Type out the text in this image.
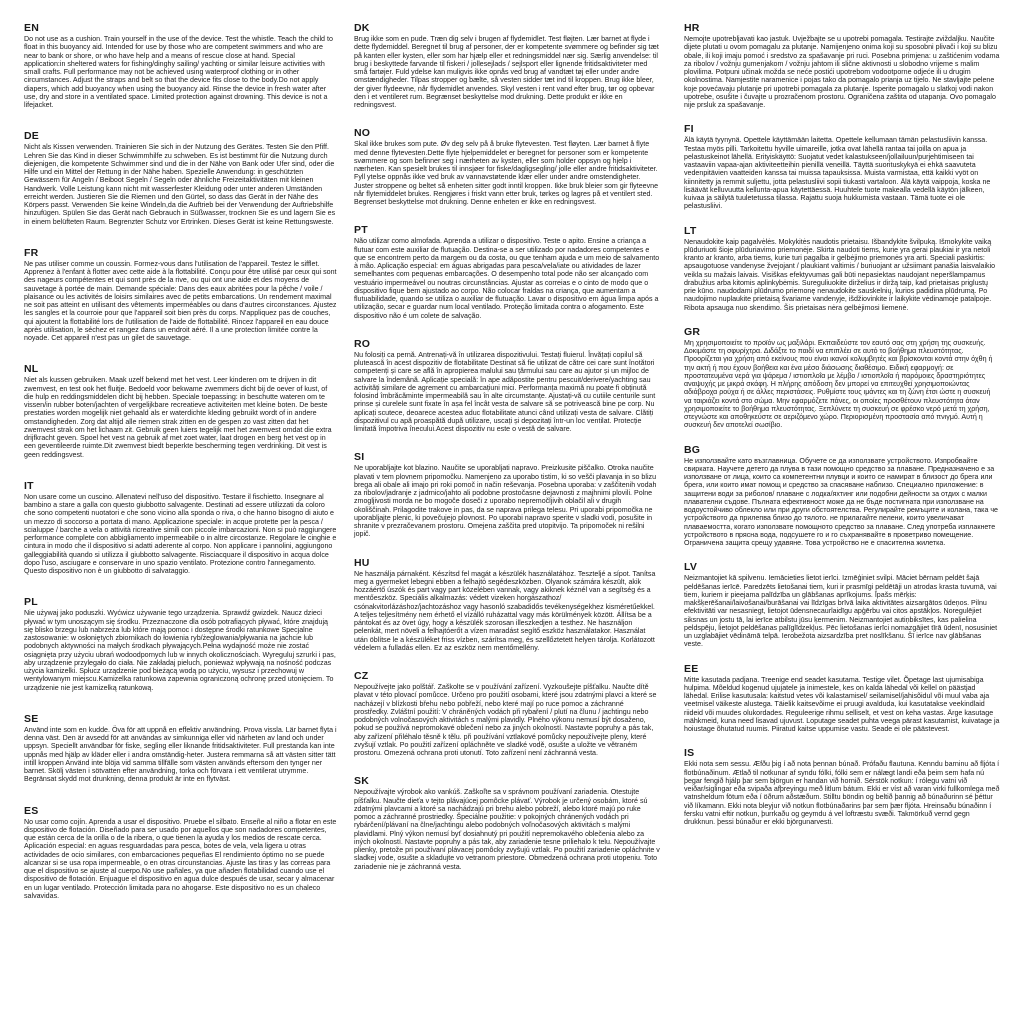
EN

Do not use as a cushion. Train yourself in the use of the device. Test the whistle. Teach the child to float in this buoyancy aid. Intended for use by those who are competent swimmers and who are near to bank or shore, or who have help and a means of rescue close at hand. Special application:in sheltered waters for fishing/dinghy sailing/ yachting or similar leisure activities with small crafts. Full performance may not be achieved using waterproof clothing or in other circumstances. Adjust the straps and belt so that the device fits close to the body.Do not apply diapers, which add buoyancy when using the buoyancy aid. Rinse the device in fresh water after use, dry and store in a ventilated space. Limited protection against drowning. This device is not a lifejacket.

DE

Nicht als Kissen verwenden. Trainieren Sie sich in der Nutzung des Gerätes. Testen Sie den Pfiff. Lehren Sie das Kind in dieser Schwimmhilfe zu schweben. Es ist bestimmt für die Nutzung durch diejenigen, die kompetente Schwimmer sind und die in der Nähe von Bank oder Ufer sind, oder die Hilfe und ein Mittel der Rettung in der Nähe haben. Spezielle Anwendung: in geschützten Gewässern für Angeln / Beiboot Segeln / Segeln oder ähnliche Freizeitaktivitäten mit kleinen Handwerk. Volle Leistung kann nicht mit wasserfester Kleidung oder unter anderen Umständen erreicht werden. Justieren Sie die Riemen und den Gürtel, so dass das Gerät in der Nähe des Körpers passt. Verwenden Sie keine Windeln,da die Auftrieb bei der Verwendung der Auftriebshilfe hinzufügen. Spülen Sie das Gerät nach Gebrauch in Süßwasser, trocknen Sie es und lagern Sie es in einem belüfteten Raum. Begrenzter Schutz vor Ertrinken. Dieses Gerät ist keine Rettungsweste.

FR

Ne pas utiliser comme un coussin. Formez-vous dans l'utilisation de l'appareil. Testez le sifflet. Apprenez à l'enfant à flotter avec cette aide à la flottabilité. Conçu pour être utilisé par ceux qui sont des nageurs compétentes et qui sont près de la rive, ou qui ont une aide et des moyens de sauvetage à portée de main. Demande spéciale: Dans des eaux abritées pour la pêche / voile / plaisance ou les activités de loisirs similaires avec de petits embarcations. Un rendement maximal ne soit pas atteint en utilisant des vêtements imperméables ou dans d'autres circonstances. Ajustez les sangles et la courroie pour que l'appareil soit bien près du corps. N'appliquez pas de couches, qui ajoutent la flottabilité lors de l'utilisation de l'aide de flottabilité. Rincez l'appareil en eau douce après utilisation, le séchez et rangez dans un endroit aéré. Il a une protection limitée contre la noyade. Cet appareil n'est pas un gilet de sauvetage.

NL

Niet als kussen gebruiken. Maak uzelf bekend met het vest. Leer kinderen om te drijven in dit zwemvest, en test ook het fluitje. Bedoeld voor bekwame zwemmers dicht bij de oever of kust, of die hulp en reddingsmiddelen dicht bij hebben. Speciale toepassing: in beschutte wateren om te vissen/in rubber boten/jachten of vergelijkbare recreatieve activiteiten met kleine boten. De beste prestaties worden mogelijk niet gehaald als er waterdichte kleding gebruikt wordt of in andere omstandigheden. Zorg dat altijd alle riemen strak zitten en de gespen zo vast zitten dat het zwemvest strak om het lichaam zit. Gebruik geen luiers tegelijk met het zwemvest omdat die extra drijfkracht geven. Spoel het vest na gebruik af met zoet water, laat drogen en berg het vest op in een geventileerde ruimte.Dit zwemvest biedt beperkte bescherming tegen verdrinking. Dit vest is geen reddingsvest.

IT

Non usare come un cuscino. Allenatevi nell'uso del dispositivo. Testare il fischietto. Insegnare al bambino a stare a galla con questo giubbotto salvagente. Destinati ad essere utilizzati da coloro che sono competenti nuotatori e che sono vicino alla sponda o riva, o che hanno bisogno di aiuto e un mezzo di soccorso a portata di mano. Applicazione speciale: in acque protette per la pesca / scialuppe / barche a vela o attività ricreative simili con piccole imbarcazioni. Non si può raggiungere performance complete con abbigliamento impermeabile o in altre circostanze. Regolare le cinghie e cintura in modo che il dispositivo si adatti aderente al corpo. Non applicare i pannolini, aggiungono galleggiabilità quando si utilizza il giubbotto salvagente. Risciacquare il dispositivo in acqua dolce dopo l'uso, asciugare e conservare in uno spazio ventilato. Protezione contro l'annegamento. Questo dispositivo non è un giubbotto di salvataggio.

PL

Nie używaj jako poduszki. Wyćwicz używanie tego urządzenia. Sprawdź gwizdek. Naucz dzieci pływać w tym unoszącym się środku. Przeznaczone dla osób potrafiących pływać, które znajdują się blisko brzegu lub nabrzeża lub które mają pomoc i dostępne środki ratunkowe Specjalne zastosowanie: w osłoniętych zbiornikach do łowienia ryb/żeglowania/pływania na jachcie lub podobnych aktywności na małych środkach pływających.Pełna wydajność może nie zostać osiągnięta przy użyciu ubrań wodoodpornych lub w innych okolicznościach. Wyreguluj szrurki i pas, aby urządzenie przylegało do ciała. Nie zakładaj pieluch, ponieważ wpływają na nośność podczas użycia kamizelki. Spłucz urządzenie pod bieżącą wodą po użyciu, wysusz i przechowuj w wentylowanym miejscu.Kamizelka ratunkowa zapewnia ograniczoną ochronę przed utonięciem. To urządzenie nie jest kamizelką ratunkową.

SE

Använd inte som en kudde. Öva för att uppnå en effektiv användning. Prova vissla. Lär barnet flyta i denna väst. Den är avsedd för att användas av simkunniga eller vid närheten av land och under uppsyn. Speciellt användbar för fiske, segling eller liknande fritidsaktiviteter. Full prestanda kan inte uppnås med hjälp av kläder eller i andra omständig-heter. Justera remmarna så att västen sitter tätt intill kroppen Använd inte blöja vid samma tillfälle som västen används eftersom den tynger ner barnet. Skölj västen i sötvatten efter användning, torka och förvara i ett ventilerat utrymme. Begränsat skydd mot drunkning, denna produkt är inte en flytväst.

ES

No usar como cojín. Aprenda a usar el dispositivo. Pruebe el silbato. Enseñe al niño a flotar en este dispositivo de flotación. Diseñado para ser usado por aquellos que son nadadores competentes, que están cerca de la orilla o de la ribera, o que tienen la ayuda y los medios de rescate cerca. Aplicación especial: en aguas resguardadas para pesca, botes de vela, vela ligera u otras actividades de ocio similares, con embarcaciones pequeñas El rendimiento óptimo no se puede alcanzar si se usa ropa impermeable, o en otras circunstancias. Ajuste las tiras y las correas para que el dispositivo se ajuste al cuerpo.No use pañales, ya que añaden flotabilidad cuando use el dispositivo de flotación. Enjuague el dispositivo en agua dulce después de usar, secar y almacenar en un lugar ventilado. Protección limitada para no ahogarse. Este dispositivo no es un chaleco salvavidas.

DK

Brug ikke som en pude. Træn dig selv i brugen af flydemidlet. Test fløjten. Lær barnet at flyde i dette flydemiddel. Beregnet til brug af personer, der er kompetente svømmere og befinder sig tæt på kanten eller kysten, eller som har hjælp eller et redningsmiddel nær sig. Særlig anvendelse: til brug i beskyttede farvande til fiskeri / jollesejlads / sejlsport eller lignende fritidsaktiviteter med små fartøjer. Fuld ydelse kan muligvis ikke opnås ved brug af vandtæt tøj eller under andre omstændigheder. Tilpas stropper og bælte, så vesten sidder tæt ind til kroppen. Brug ikke bleer, der giver flydeevne, når flydemidlet anvendes. Skyl vesten i rent vand efter brug, tør og opbevar den i et ventileret rum. Begrænset beskyttelse mod drukning. Dette produkt er ikke en redningsvest.

NO

Skal ikke brukes som pute. Øv deg selv på å bruke flytevesten. Test fløyten. Lær barnet å flyte med denne flytevesten.Dette flyte hjelpemiddelet er beregnet for personer som er kompetente svømmere og som befinner seg i nærheten av kysten, eller som holder oppsyn og hjelp i nærheten. Kan spesielt brukes til innsjøer for fiske/dagligsegling/ jolle eller andre fritidsaktiviteter. Fyll ytelse oppnås ikke ved bruk av vannavstøtende klær eller under andre omstendigheter. Juster stroppene og beltet så enheten sitter godt inntil kroppen. Ikke bruk bleier som gir flyteevne når flytemiddelet brukes. Rengjøres i friskt vann etter bruk, tørkes og lagres på et ventilert sted. Begrenset beskyttelse mot drukning. Denne enheten er ikke en redningsvest.

PT

Não utilizar como almofada. Aprenda a utilizar o dispositivo. Teste o apito. Ensine a criança a flutuar com este auxiliar de flutuação. Destina-se a ser utilizado por nadadores competentes e que se encontrem perto da margem ou da costa, ou que tenham ajuda e um meio de salvamento à mão. Aplicação especial: em águas abrigadas para pesca/vela/iate ou atividades de lazer semelhantes com pequenas embarcações. O desempenho total pode não ser alcançado com vestuário impermeável ou noutras circunstâncias. Ajustar as correias e o cinto de modo que o dispositivo fique bem ajustado ao corpo. Não colocar fraldas na criança, que aumentam a flutuabilidade, quando se utiliza o auxiliar de flutuação. Lavar o dispositivo em água limpa após a utilização, secar e guardar num local ventilado. Proteção limitada contra o afogamento. Este dispositivo não é um colete de salvação.

RO

Nu folosiți ca pernă. Antrenați-vă în utilizarea dispozitivului. Testați fluierul. Învățați copilul să plutească în acest dispozitiv de flotabilitate Destinat să fie utilizat de către cei care sunt înotători competenți și care se află în apropierea malului sau țărmului sau care au ajutor și un mijloc de salvare la îndemână. Aplicație specială: în ape adăpostite pentru pescuit/derivere/yachting sau activități similare de agrement cu ambarcațiuni mici. Performanța maximă nu poate fi obținută folosind îmbrăcăminte impermeabilă sau în alte circumstanțe. Ajustați-vă cu cutiile centurile sunt prinse și curelele sunt fixate în așa fel încât vesta de salvare să se potrivească bine pe corp. Nu aplicați scutece, deoarece acestea aduc flotabilitate atunci când utilizați vesta de salvare. Clătiți dispozitivul cu apă proaspătă după utilizare, uscați și depozitați într-un loc ventilat. Protecție limitată împotriva înecului.Acest dispozitiv nu este o vestă de salvare.

SI

Ne uporabljajte kot blazino. Naučite se uporabljati napravo. Preizkusite piščalko. Otroka naučite plavati v tem plovnem pripomočku. Namenjeno za uporabo tistim, ki so vešči plavanja in so blizu brega ali obale ali imajo pri roki pomoč in način reševanja. Posebna uporaba: v zaščitenih vodah za ribolov/jadranje z jadrnico/jahto ali podobne prostočasne dejavnosti z majhnimi plovili. Polne zmogljivosti morda ne bo mogoče doseči z uporabo nepremočljivih oblačil ali v drugih okoliščinah. Prilagodite trakove in pas, da se naprava prilega telesu. Pri uporabi pripomočka ne uporabljajte plenic, ki povečujejo plovnost. Po uporabi napravo sperite v sladki vodi, posušite in shranite v prezračevanem prostoru. Omejena zaščita pred utopitvijo. Ta pripomoček ni rešilni jopič.

HU

Ne használja párnaként. Készítsd fel magát a készülék használatához. Teszteljé a sípot. Tanítsa meg a gyermeket lebegni ebben a felhajtó segédeszközben. Olyanok számára készült, akik hozzáértő úszók és part vagy part közelében vannak, vagy akiknek kéznél van a segítség és a mentőeszköz. Speciális alkalmazás: védett vizeken horgászathoz/ csónakvitorlázáshoz/jachtozáshoz vagy hasonló szabadidős tevékenységekhez kisméretűekkel. A teljes teljesítmény nem érhető el vízálló ruházattal vagy más körülmények között. Állítsa be a pántokat és az övet úgy, hogy a készülék szorosan illeszkedjen a testhez. Ne használjon pelenkát, mert növeli a felhajtóerőt a vízen maradást segítő eszköz használatakor. Használat után öblítse le a készüléket friss vízben, szárítsa meg, és szellőztetett helyen tárolja. Korlátozott védelem a fulladás ellen. Ez az eszköz nem mentőmellény.

CZ

Nepoužívejte jako polštář. Zaškolte se v používání zařízení. Vyzkoušejte píšťalku. Naučte dítě plavat v této plovací pomůcce. Určeno pro použití osobami, které jsou zdatnými plavci a které se nacházejí v blízkosti břehu nebo pobřeží, nebo které mají po ruce pomoc a záchranné prostředky. Zvláštní použití: V chráněných vodách při rybaření / plutí na člunu / jachtingu nebo podobných volnočasových aktivitách s malými plavidly. Plného výkonu nemusí být dosaženo, pokud se používá nepromokavé oblečení nebo za jiných okolností. Nastavte popruhy a pás tak, aby zařízení přiléhalo těsně k tělu. při používání vztlakové pomůcky nepoužívejte pleny, které zvyšují vztlak. Po použití zařízení opláchněte ve sladké vodě, osušte a uložte ve větraném prostoru. Omezená ochrana proti utonutí. Toto zařízení není záchranná vesta.

SK

Nepoužívajte výrobok ako vankúš. Zaškoľte sa v správnom používaní zariadenia. Otestujte píšťalku. Naučte dieťa v tejto plávajúcej pomôcke plávať. Výrobok je určený osobám, ktoré sú zdatnými plavcami a ktoré sa nachádzajú pri brehu alebo pobreží, alebo ktoré majú po ruke pomoc a záchranné prostriedky. Špeciálne použitie: v pokojných chránených vodách pri rybárčení/plávaní na člne/jachtingu alebo podobných voľnočasových aktivitách s malými plavidlami. Plný výkon nemusí byť dosiahnutý pri použití nepremokavého oblečenia alebo za iných okolností. Nastavte popruhy a pás tak, aby zariadenie tesne priliehalo k telu. Nepoužívajte plienky, pretože pri používaní plávacej pomôcky zvyšujú vztlak. Po použití zariadenie opláchnite v sladkej vode, osušte a skladujte vo vetranom priestore. Obmedzená ochrana proti utopeniu. Toto zariadenie nie je záchranná vesta.

HR

Nemojte upotrebljavati kao jastuk. Uvježbajte se u upotrebi pomagala. Testirajte zviždaljku. Naučite dijete plutati u ovom pomagalu za plutanje. Namijenjeno onima koji su sposobni plivači i koji su blizu obale, ili koji imaju pomoć i sredstvo za spašavanje pri ruci. Posebna primjena: u zaštićenim vodama za ribolov / vožnju gumenjakom / vožnju jahtom ili slične aktivnosti u slobodno vrijeme s malim plovilima. Potpuni učinak možda se neće postići upotrebom vodootporne odjeće ili u drugim okolnostima. Namjestite naramenice i pojas tako da pomagalo prianja uz tijelo. Ne stavljajte pelene koje povećavaju plutanje pri upotrebi pomagala za plutanje. Isperite pomagalo u slatkoj vodi nakon upotrebe, osušite i čuvajte u prozračenom prostoru. Ograničena zaštita od utapanja. Ovo pomagalo nije prsluk za spašavanje.

FI

Älä käytä tyynynä. Opettele käyttämään laitetta. Opettele kellumaan tämän pelastusliivin kanssa. Testaa myös pilli. Tarkoitettu hyville uimareille, jotka ovat lähellä rantaa tai joilla on apua ja pelastuskeinot lähellä. Erityiskäyttö: Suojatut vedet kalastukseen/jollailuun/purjehtimiseen tai vastaaviin vapaa-ajan aktiviteetteihin pienillä veneillä. Täyttä suorituskykyä ei ehkä saavuteta vedenpitävien vaatteiden kanssa tai muissa tapauksissa. Muista varmistaa, että kaikki vyöt on kiinnitetty ja remmit suljettu, jotta pelastusliivi sopii tiukasti vartaloon. Älä käytä vaippoja, koska ne lisäävät kelluvuutta kellunta-apua käytettäessä. Huuhtele tuote makealla vedellä käytön jälkeen, kuivaa ja säilytä tuuletetussa tilassa. Rajattu suoja hukkumista vastaan. Tämä tuote ei ole pelastusliivi.

LT

Nenaudokite kaip pagalvėlės. Mokykitės naudotis prietaisu. Išbandykite švilpuką. Išmokykite vaiką plūduriuoti šioje plūduriavimo priemonėje. Skirta naudoti tiems, kurie yra gerai plaukiai ir yra netoli kranto ar kranto, arba tiems, kurie turi pagalba ir gelbėjimo priemonės yra arti. Speciali paskirtis: apsaugotuose vandenyse žvejojant / plaukiant valtimis / buriuojant ar užsiimant panašia laisvalaikio veikla su mažais laivais. Visiškas efektyvumas gali būti nepasiektas naudojant neperšlampamus drabužius arba kitomis aplinkybėmis. Sureguliuokite dirželius ir diržą taip, kad prietaisas priglustų prie kūno. naudodami plūdrumo priemonę nenaudokite sauskelnių, kurios padidina plūdrumą. Po naudojimo nuplaukite prietaisą švariame vandenyje, išdžiovinkite ir laikykite vėdinamoje patalpoje. Ribota apsauga nuo skendimo. Šis prietaisas nėra gelbėjimosi liemenė.

GR

Μη χρησιμοποιείτε το προϊόν ως μαξιλάρι. Εκπαιδεύστε τον εαυτό σας στη χρήση της συσκευής. Δοκιμάστε τη σφυρίχτρα. Διδάξτε το παιδί να επιπλέει σε αυτό το βοήθημα πλευστότητας. Προορίζεται για χρήση από εκείνους που είναι ικανοί κολυμβητές και βρίσκονται κοντά στην όχθη ή την ακτή ή που έχουν βοήθεια και ένα μέσο διάσωσης διαθέσιμο. Ειδική εφαρμογή: σε προστατευμένα νερά για ψάρεμα / ιστιοπλοΐα με λέμβο / ιστιοπλοΐα ή παρόμοιες δραστηριότητες αναψυχής με μικρά σκάφη. Η πλήρης απόδοση δεν μπορεί να επιτευχθεί χρησιμοποιώντας αδιάβροχα ρούχα ή σε άλλες περιστάσεις. Ρυθμίστε τους ιμάντες και τη ζώνη έτσι ώστε η συσκευή να ταιριάζει κοντά στο σώμα. Μην εφαρμόζετε πάνες, οι οποίες προσθέτουν πλευστότητα όταν χρησιμοποιείτε το βοήθημα πλευστότητας. Ξεπλύνετε τη συσκευή σε φρέσκο νερό μετά τη χρήση, στεγνώστε και αποθηκεύστε σε αεριζόμενο χώρο. Περιορισμένη προστασία από πνιγμό. Αυτή η συσκευή δεν αποτελεί σωσίβιο.

BG

Не използвайте като възглавница. Обучете се да използвате устройството. Изпробвайте свирката. Научете детето да плува в тази помощно средство за плаване. Предназначено е за използване от лица, които са компетентни плувци и които се намират в близост до брега или брега, или които имат помощ и средство за спасяване наблизо. Специално приложение: в защитени води за риболов/ плаване с лодка/яхтинг или подобни дейности за отдих с малки плавателни съдове. Пълната ефективност може да не бъде постигната при използване на водоустойчиво облекло или при други обстоятелства. Регулирайте ремъците и колана, така че устройството да прилепва близо до тялото. не прилагайте пелени, които увеличават плаваемостта, когато използвате помощното средство за плаване. След употреба изплакнете устройството в прясна вода, подсушете го и го съхранявайте в проветриво помещение. Ограничена защита срещу удавяне. Това устройство не е спасителна жилетка.

LV

Neizmantojiet kā spilvenu. Iemācieties lietot ierīci. Izmēģiniet svilpi. Māciet bērnam peldēt šajā peldēšanas ierīcē. Paredzēts lietošanai tiem, kuri ir prasmīgi peldētāji un atrodas krasta tuvumā, vai tiem, kuriem ir pieejama palīdzība un glābšanas aprīkojums. Īpašs mērķis: makšķerēšanai/laivošanai/burāšanai vai līdzīgas brīvā laika aktivitātes aizsargātos ūdeņos. Pilnu efektivitāti var nesasniegt, lietojot ūdensnecaurlaidīgu apģērbu vai citos apstākļos. Noregulējiet siksnas un jostu tā, lai ierīce atbilstu jūsu ķermenim. Neizmantojiet autiņbiksītes, kas palielina peldspēju, lietojot peldēšanas palīglīdzekļus. Pēc lietošanas ierīci nomazgājiet tīrā ūdenī, nosusiniet un uzglabājiet vēdināmā telpā. Ierobežota aizsardzība pret noslīkšanu. Šī ierīce nav glābšanas veste.

EE

Mitte kasutada padjana. Treenige end seadet kasutama. Testige vilet. Õpetage last ujumisabiga hulpima. Mõeldud kogenud ujujatele ja inimestele, kes on kalda lähedal või kellel on päästjad lähedal. Erilise kasutusala: kaitstud vetes või kalastamisel/ seilamisel/jahisõidul või muul vaba aja veetmisel väikeste alustega. Täielik kaitsevõime ei pruugi avalduda, kui kasutatakse veekindlaid riideid või muudes olukordades. Reguleerige rihmu selliselt, et vest on keha vastas. Ärge kasutage mähkmeid, kuna need lisavad ujuvust. Loputage seadet puhta veega pärast kasutamist, kuivatage ja hoiustage õhutatud ruumis. Piiratud kaitse uppumise vastu. Seade ei ole päästevest.

IS

Ekki nota sem sessu. Æfðu þig í að nota þennan búnað. Prófaðu flautuna. Kenndu barninu að fljóta í flotbúnaðinum. Ætlað til notkunar af syndu fólki, fólki sem er nálægt landi eða þeim sem hafa nú þegar fengið hjálp þar sem björgun er handan við hornið. Sérstök notkun: í rólegu vatni við veiðar/siglingar eða svipaða afþreyingu með litlum bátum. Ekki er víst að varan virki fullkomlega með vatnsheldum fötum eða í öðrum aðstæðum. Stilltu böndin og beltið þannig að búnaðurinn sé þéttur við líkamann. Ekki nota bleyjur við notkun flotbúnaðarins þar sem þær fljóta. Hreinsaðu búnaðinn í fersku vatni eftir notkun, þurrkaðu og geymdu á vel loftræstu svæði. Takmörkuð vernd gegn drukknun. þessi búnaður er ekki björgunarvesti.
